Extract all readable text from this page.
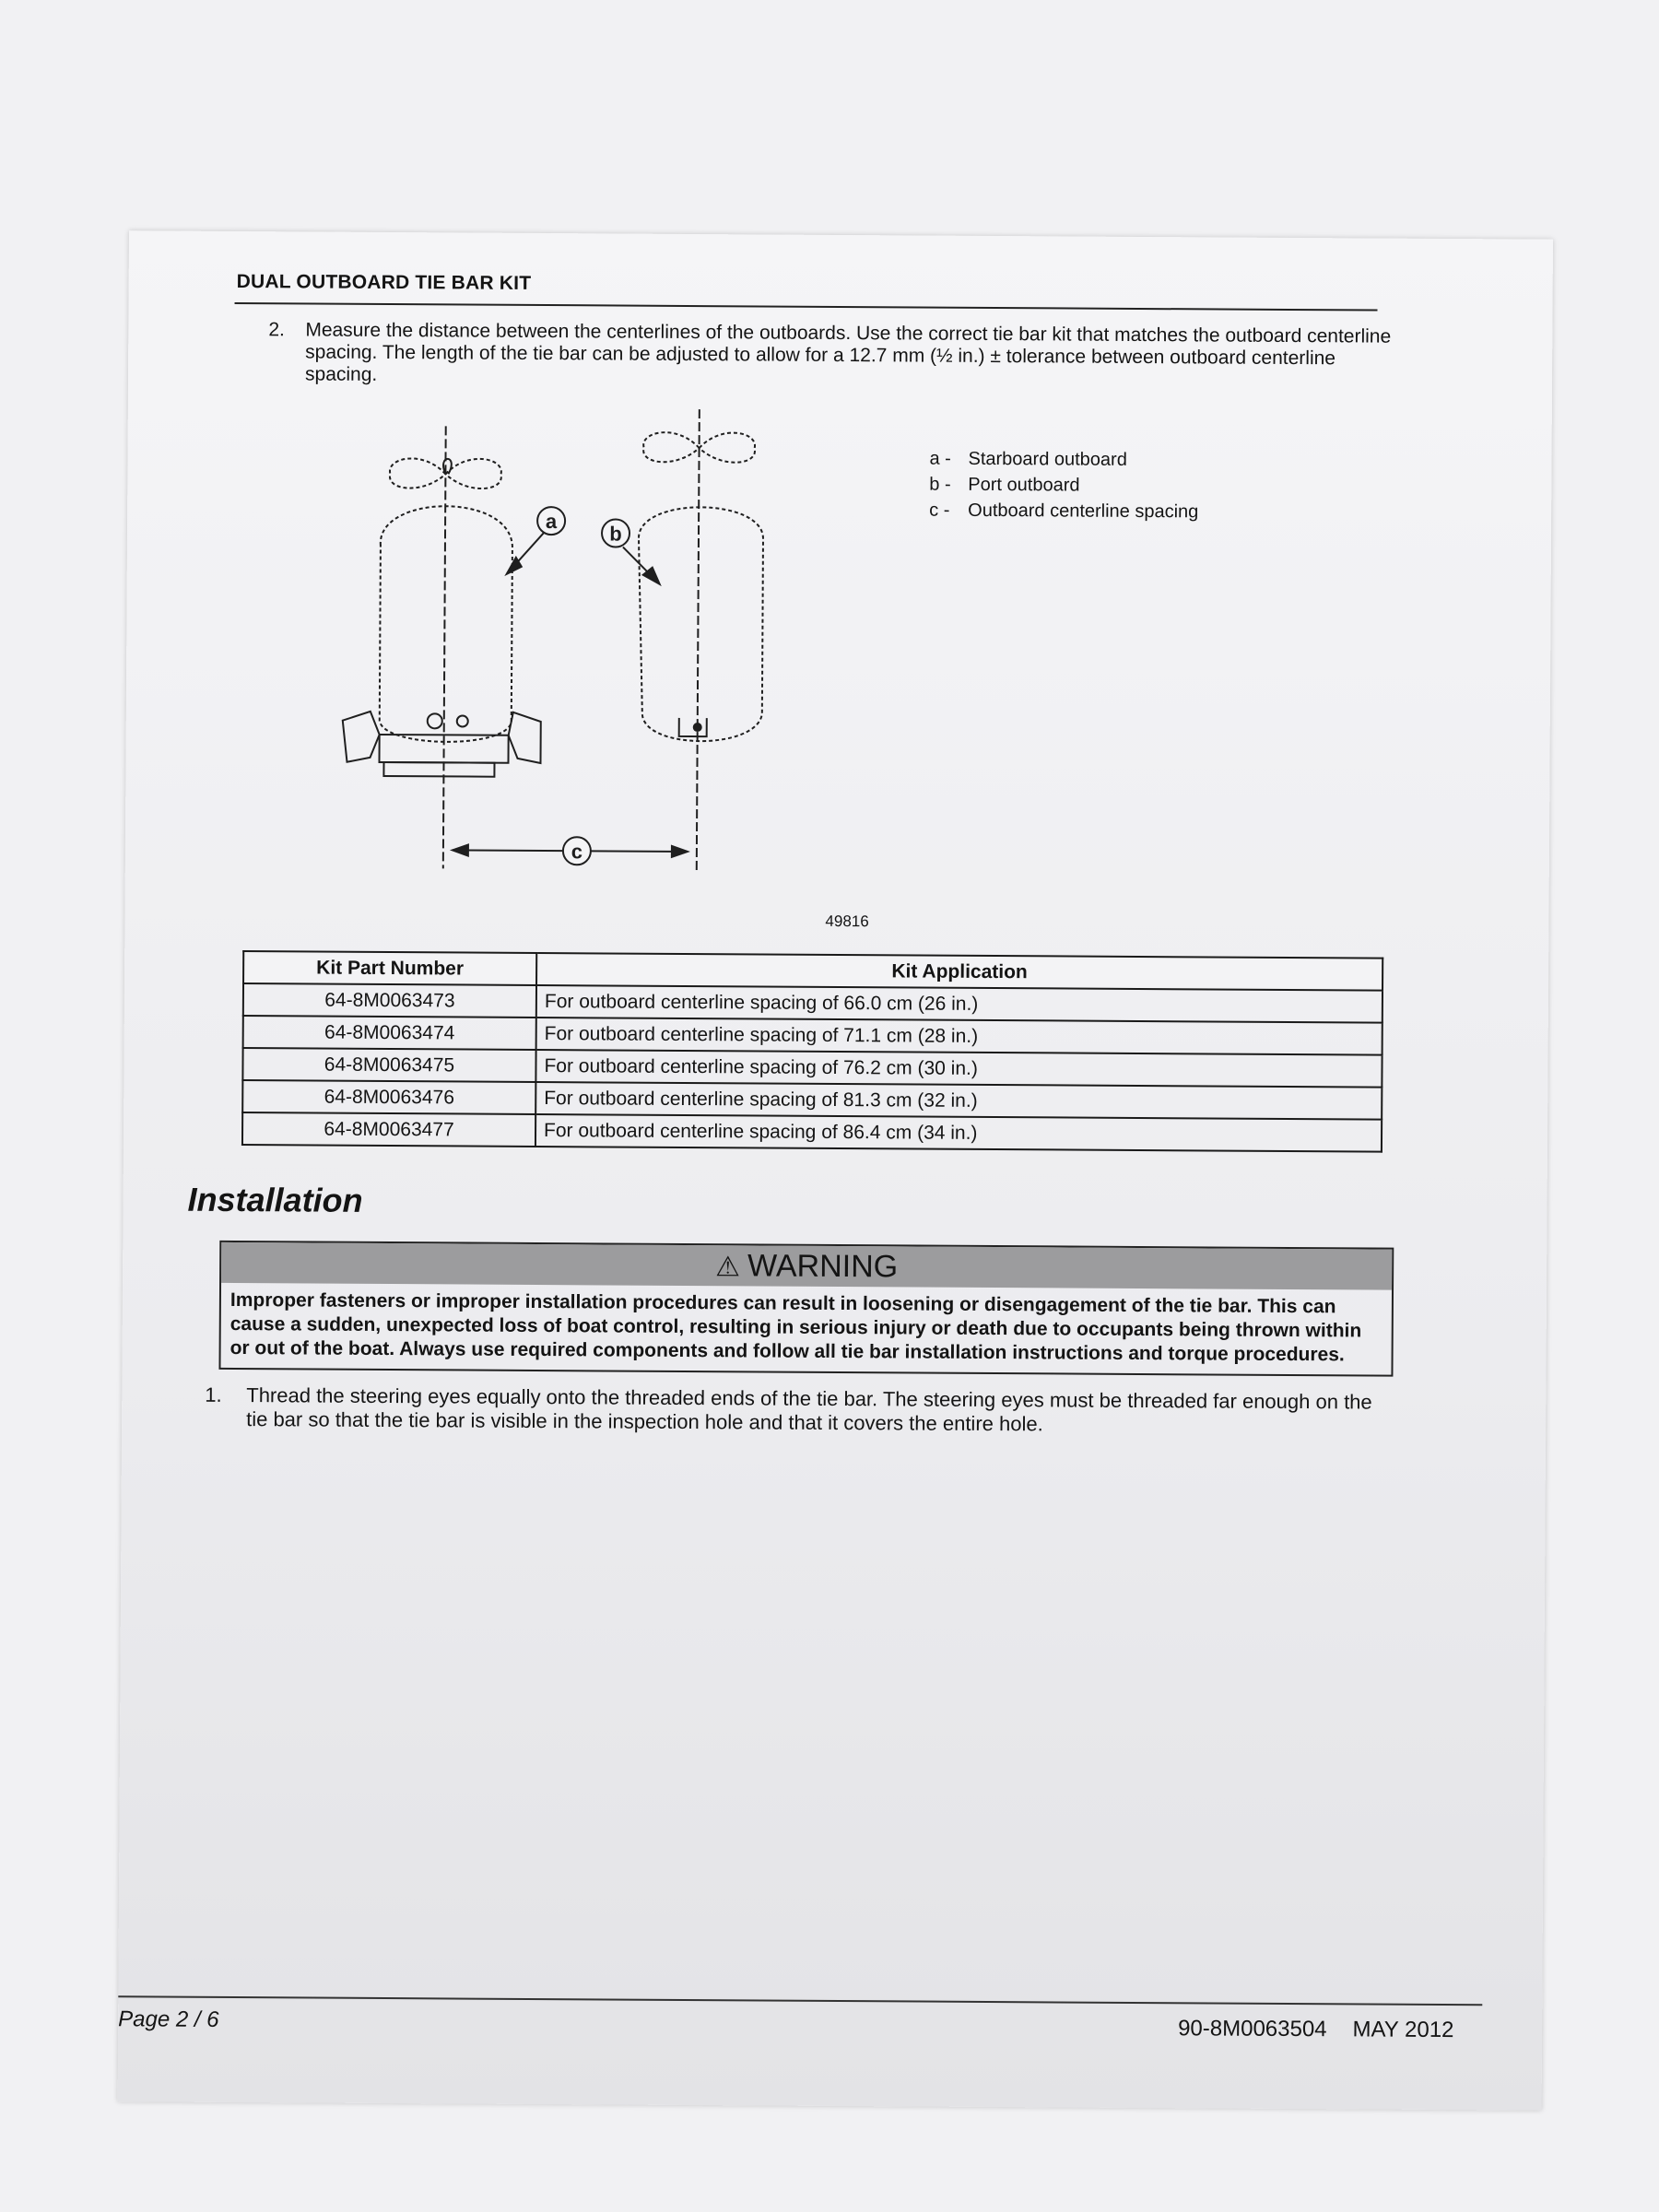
DUAL OUTBOARD TIE BAR KIT
2. Measure the distance between the centerlines of the outboards. Use the correct tie bar kit that matches the outboard centerline spacing. The length of the tie bar can be adjusted to allow for a 12.7 mm (½ in.) ± tolerance between outboard centerline spacing.
a
b
c
a - Starboard outboard
b - Port outboard
c - Outboard centerline spacing
49816
Kit Part Number	Kit Application
64-8M0063473	For outboard centerline spacing of 66.0 cm (26 in.)
64-8M0063474	For outboard centerline spacing of 71.1 cm (28 in.)
64-8M0063475	For outboard centerline spacing of 76.2 cm (30 in.)
64-8M0063476	For outboard centerline spacing of 81.3 cm (32 in.)
64-8M0063477	For outboard centerline spacing of 86.4 cm (34 in.)
Installation
⚠ WARNING
Improper fasteners or improper installation procedures can result in loosening or disengagement of the tie bar. This can cause a sudden, unexpected loss of boat control, resulting in serious injury or death due to occupants being thrown within or out of the boat. Always use required components and follow all tie bar installation instructions and torque procedures.
1. Thread the steering eyes equally onto the threaded ends of the tie bar. The steering eyes must be threaded far enough on the tie bar so that the tie bar is visible in the inspection hole and that it covers the entire hole.
Page 2 / 6	90-8M0063504 MAY 2012
